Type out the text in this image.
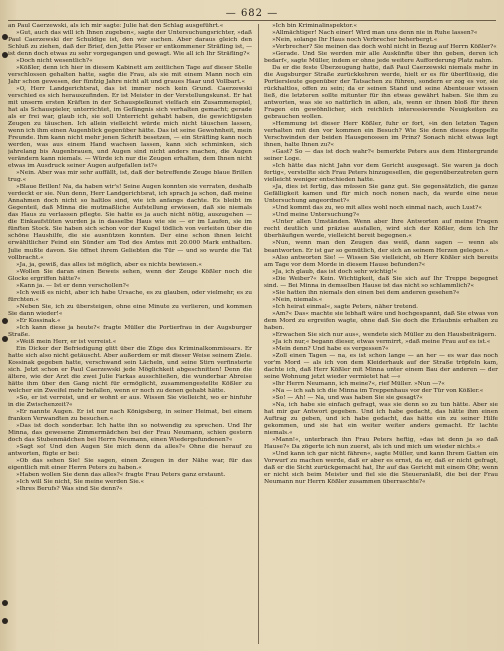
— 682 —

an Paul Caerzewski, als ich mir sagte: Julie hat den Schlag ausgeführt.«

»Gut, auch das will ich Ihnen zugeben«, sagte der Untersuchungsrichter, »daß Paul Caerzewski der Schuldige ist, den wir suchen. Aber daraus gleich den Schluß zu ziehen, daß der Brief, den Jette Pleser er entkommener Sträfling ist, — ist denn doch etwas zu sehr vorgegangen und gewagt. Wie all ich Ihr Sträfling?«

»Doch nicht wesentlich?«

»Kößler, denn ich hier in diesem Kabinett am zeitlichen Tage auf dieser Stelle verschlossen gehalten hatte, sagte die Frau, als sie mit einem Mann noch ein Jahr schon gewesen, der fünfzig Jahre nicht alt und graues Haar und Vollbart.«

»O, Herr Landgerichtsrat, das ist immer noch kein Grund. Caerzewski verschied es sich herauszufinden. Er ist Meister in der Verstellungskunst. Er hat mit unserm ersten Kräften in der Schauspielkunst vielfach ein Zusammenspiel, hat als Schauspieler, unterrichtet, im Gefängnis sich verhalten gemacht; gerade als er frei war, glaub ich, sie soll Unterricht gehabt haben, die gewichtigsten Zeugen zu täuschen. Ich allein vielleicht würde mich nicht täuschen lassen, wenn ich ihm einen Augenblick gegenüber hätte. Das ist seine Gewohnheit, mein Freunde. Ihm kann nicht mehr jenen Schrift besetzen, — ein Sträfling kann noch werden, was aus einem Hand wachsen lassen, kann sich schminken, sich jahrelang bis Augenbrauen, und Augen sind nicht anders machen, die Augen verändern kann niemals. — Würde ich nur die Zeugen erhalten, dem Ihnen nicht etwas im Ausdruck seiner Augen aufgefallen ist?«

»Nein. Aber was mir sehr auffällt, ist, daß der betreffende Zeuge blaue Brillen trug.«

»Blaue Brillen! Na, da haben wir's! Seine Augen konnten sie verraten, deshalb verdeckt er sie. Nun denn, Herr Landgerichtsrat, ich sprach ja schon, daß meine Annahmen doch nicht so haltlos sind, wie ich anfangs dachte. Es bleibt im Gegenteil, daß Minna die mutmaßliche Aufstellung erwiesen, daß sie niemals das Haus zu verlassen pflegte. Sie hatte es ja auch nicht nötig, auszugehen — die Einkaufstüten wurden ja in dasselbe Haus wie sie — er im Laufen, sie im fünften Stock. Sie haben sich schon vor der Kugel tödlich von verleiten über die schöne Haushilfe, die sie ausnützen konnten. Der eine schon ihnen leicht erwähltlicher Feind ein Sünder am Tod des Amtes mit 20.000 Mark enthalten. Julie mußte davon. Sie öffnet ihrem Geliebten die Tür — und so wurde die Tat vollbracht.«

»Ja, ja, gewiß, das alles ist möglich, aber es nichts bewiesen.«

»Wollen Sie daran einen Beweis sehen, wenn der Zeuge Kößler noch die Glocke ergriffen hätte?«

»Kann ja. — Ist er denn verschollen?«

»Ich weiß es nicht, aber ich habe Ursache, es zu glauben, oder vielmehr, es zu fürchten.«

»Neben Sie, ich zu übersteigen, ohne eine Minute zu verlieren, und kommen Sie dann wieder!«

»Er Kossinak.«

»Ich kann diese ja heute?« fragte Müller die Portierfrau in der Augsburger Straße.

»Weiß mein Herr, er ist verreist.«

Ein Dicker der Befriedigung glitt über die Züge des Kriminalkommissars. Er hatte sich also nicht getäuscht. Aber außerdem er mit dieser Weise seinem Ziele. Kossinak gegeben hatte, verschwand sein Lächeln, und seine Stirn verfinsterte sich. Jetzt schon er Paul Caerzewski jede Möglichkeit abgeschnitten! Denn die ältere, wie der Arzt die zwei Julie Farkas ausschließen, die wunderbar Abreise hätte ihm über den Gang nicht für ermöglicht, zusammengestellte Kößler zu welcher ein Zweifel mehr befallen, wenn er noch zu denen gehabt hätte.

»So, er ist verreist, und er wohnt er aus. Wissen Sie vielleicht, wo er hinfuhr in die Zwischenzeit?«

»Er nannte Augen. Er ist nur nach Königsberg, in seiner Heimat, bei einem franken Verwandten zu besuchen.«

»Das ist doch sonderbar. Ich hatte ihn so notwendig zu sprechen. Und Ihr Minna, das gewesene Zimmermädchen bei der Frau Neumann, schien gestern doch das Stubenmädchen bei Herrn Neumann, einen Wiedergefundenen?«

»Sagt so! Und den Augen Sie mich denn da alles?« Ohne die herauf zu antworten, fügte er bei:

»Ob das sehen Sie! Sie sagen, einen Zeugen in der Nähe war, für das eigentlich mit einer Herrn Peters zu haben.«

»Haben wollen Sie denn das alles?« fragte Frau Peters ganz erstaunt.

»Ich will Sie nicht, Sie meine werden Sie.«

»Ihres Berufs? Was sind Sie denn?«

»Ich bin Kriminalinspektor.«

»Allmächtiger! Nach einer! Wird man uns denn nie in Ruhe lassen?«

»Nein, solange Ihr Haus noch Verbrecher beherbergt.«

»Verbrecher? Sie meinen das doch wohl nicht in Bezug auf Herrn Kößler?«

»Gerade. Und Sie werden mir alle Auskünfte über ihn geben, deren ich bedarf«, sagte Müller, indem er ohne jede weitere Aufforderung Platz nahm.

Da er die feste Überzeugung hatte, daß Paul Caerzewski niemals mehr in die Augsburger Straße zurückkehren werde, hielt er es für überflüssig, die Portiersleute gegenüber der Tatsachen zu führen, sondern er zog es vor, sie rückhaltlos, offen zu sein; da er seinen Stand und seine Abenteuer wissen ließ, die letzteren sollte mitunter für ihn etwas gewährt haben. Sie ihm zu antworten, was sie so natürlich in allen, als, wenn er ihnen bloß für ihren Fragen ein gewöhnlicher, sich reichlich interessierende Neuigkeiten zu gebrauchen wollen.

»Hemmung ist dieser Herr Kößler, fuhr er fort, »in den letzten Tagen verhalten mit den vor kommen ein Besuch? Wie Sie denn dieses doppelte Verschwinden der beiden Hausgenossen im Prinz? Sonach nicht etwas legt ihnen, halte Ihnen zu?«

»Gast? So — das ist doch wahr?« bemerkte Peters aus dem Hintergrunde seiner Loge.

»Ich hätte das nicht Jahn vor dem Gericht ausgesagt. Sie waren ja doch fertig«, verstellte sich Frau Peters hinzugesellen, die gegenüberzutreten gern vielleicht weniger entschieden hatte.

»Ja, dies ist fertig, das müssen Sie ganz gut. Sie gegensätzlich, die ganze Gefälligkeit kamen und für mich noch nonen nach, da wurde eine neue Untersuchung angeordnet?«

»Und kommt das zu, wo mit alles wohl noch einmal nach, auch Lust?«

»Und meine Untersuchung?«

»Unter allen Umständen. Wenn aber Ihre Antworten auf meine Fragen recht deutlich und präzise ausfallen, wird sich der Kößler, dem ich Ihr überhäufigen werde, vielleicht bereit begegnen.«

»Nun, wenn man den Zeugen das weiß, dann sagen — wenn als beantworten. Er ist gar so gemütlich, der sich an seinem Herzen gelegen.«

»Also antworten Sie! — Wissen Sie vielleicht, ob Herr Kößler sich bereits am Tage vor dem Morde in diesem Hause befunden?«

»Ja, ich glaub, das ist doch sehr wichtig!«

»Die Weiber?« Kein. Wichtigkeit, daß Sie sich auf Ihr Treppe begegnet sind. — Bei Minna in demselben Hause ist das nicht so schlammlich?«

»Sie hatten ihn niemals den einen bei dem anderen gesehen?«

»Nein, niemals.«

»Ich heirat einmal«, sagte Peters, näher tretend.

»Am?« Das« machte sie lebhaft wäre und hochgespannt, daß Sie etwas von dem Mord zu ergreifen wagte, ohne daß Sie doch die Erlaubnis erhalten zu haben.

»Erwachen Sie sich nur aus«, wendete sich Müller zu den Hausbeiträgern.

»Ja ich nur,« begann dieser, etwas vermirrt, »daß meine Frau auf es ist.«

»Mein denn? Und habe es vergessen?«

»Zoll einen Tagen — na, es ist schon lange — an her — es war das noch vor'm Mord — als ich von dem Kleiderhauk auf der Straße tröpfeln kam, dachte ich, daß Herr Kößler mit Minna unter einem Bau der anderen — der seine Wohnung jetzt wieder vermietet hat —«

»Ihr Herrn Neumann, ich meine?«, rief Müller. »Nun —?«

»Na — ich sah ich die Minna im Treppenhaus vor der Tür von Kößler.«

»So! — Ah! — Na, und was haben Sie sie gesagt?«

»Na, ich habe sie einfach gefragt, was sie denn so zu tun hätte. Aber sie hat mir gar Antwort gegeben. Und ich habe gedacht, das hätte ihm einen Auftrag zu geben, und ich habe gedacht, das hätte ein zu seiner Hilfe gekommen, und sie hat ein weiter weiter anders gemacht. Er lachte niemals.«

»Mann!«, unterbrach ihn Frau Peters heftig, »das ist denn ja so daß Hause?« Da zögerte ich nun zuerst, als ich und mich um wieder nichts.«

»Und kann ich gar nicht fähren«, sagte Müller, und kann Ihrem Gatten ein Vorwurf zu machen werde, daß er aber es ernst, da er, daß er nicht gefragt, daß er die Sicht zurückgemacht hat, Ihr auf das Gericht mit einem Ohr, wenn er nicht sich beim Meister und fiel sie die Steueranlaßt, die bei der Frau Neumann nur Herrn Kößler zusammen überraschte?«
